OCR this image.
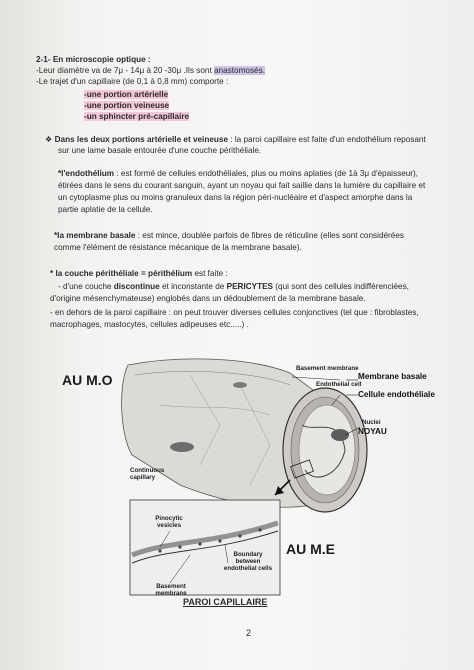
2-1- En microscopie optique :
-Leur diamètre va de 7μ - 14μ à 20 -30μ .Ils sont anastomosés.
-Le trajet d'un capillaire (de 0,1 à 0,8 mm) comporte :
-une portion artérielle
-une portion veineuse
-un sphincter pré-capillaire
❖ Dans les deux portions artérielle et veineuse : la paroi capillaire est faite d'un endothélium reposant
sur une lame basale entourée d'une couche périthéliale.
*l'endothélium : est formé de cellules endothéliales, plus ou moins aplaties (de 1à 3μ d'épaisseur),
étirées dans le sens du courant sanguin, ayant un noyau qui fait saillie dans la lumière du capillaire et
un cytoplasme plus ou moins granuleux dans la région péri-nucléaire et d'aspect amorphe dans la
partie aplatie de la cellule.
*la membrane basale : est mince, doublée parfois de fibres de réticuline (elles sont considérées
comme l'élément de résistance mécanique de la membrane basale).
* la couche périthéliale = périthélium est faite :
- d'une couche discontinue et inconstante de PERICYTES (qui sont des cellules indifférenciées,
d'origine mésenchymateuse) englobés dans un dédoublement de la membrane basale.
- en dehors de la paroi capillaire : on peut trouver diverses cellules conjonctives (tel que : fibroblastes,
macrophages, mastocytes, cellules adipeuses etc.....) .
AU M.O
AU M.E
Basement membrane
Membrane basale
Endothelial cell
Cellule endothéliale
Nuclei
NOYAU
Continuous capillary
Pinocytic vesicles
Basement membrane
Boundary between endothelial cells
PAROI CAPILLAIRE
2
